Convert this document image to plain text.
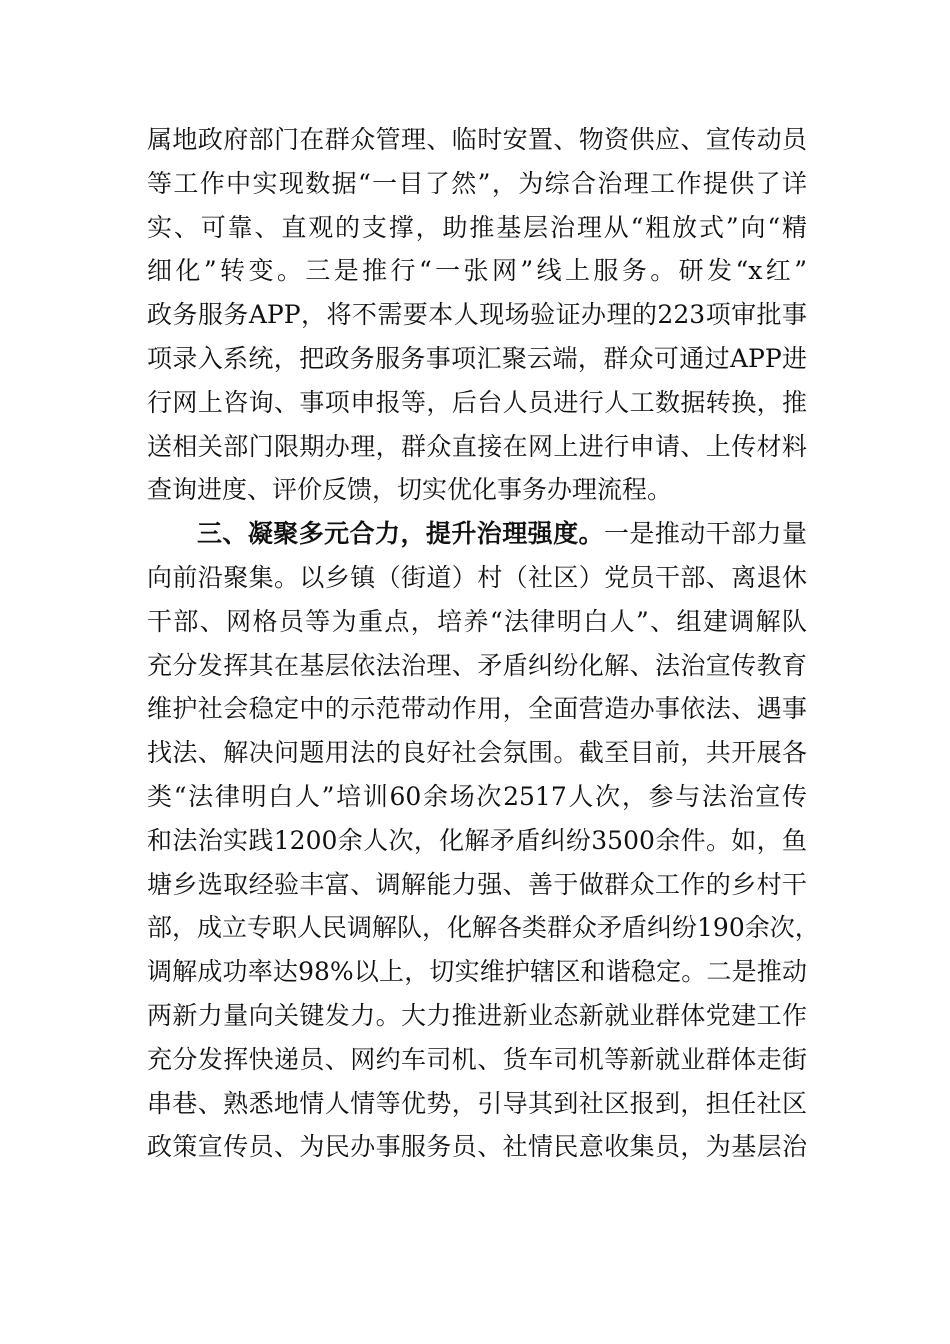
属地政府部门在群众管理、临时安置、物资供应、宣传动员
等工作中实现数据“一目了然”，为综合治理工作提供了详
实、可靠、直观的支撑，助推基层治理从“粗放式”向“精
细化”转变。三是推行“一张网”线上服务。研发“x红”
政务服务APP，将不需要本人现场验证办理的223项审批事
项录入系统，把政务服务事项汇聚云端，群众可通过APP进
行网上咨询、事项申报等，后台人员进行人工数据转换，推
送相关部门限期办理，群众直接在网上进行申请、上传材料
查询进度、评价反馈，切实优化事务办理流程。
三、凝聚多元合力，提升治理强度。一是推动干部力量
向前沿聚集。以乡镇（街道）村（社区）党员干部、离退休
干部、网格员等为重点，培养“法律明白人”、组建调解队
充分发挥其在基层依法治理、矛盾纠纷化解、法治宣传教育
维护社会稳定中的示范带动作用，全面营造办事依法、遇事
找法、解决问题用法的良好社会氛围。截至目前，共开展各
类“法律明白人”培训60余场次2517人次，参与法治宣传
和法治实践1200余人次，化解矛盾纠纷3500余件。如，鱼
塘乡选取经验丰富、调解能力强、善于做群众工作的乡村干
部，成立专职人民调解队，化解各类群众矛盾纠纷190余次，
调解成功率达98%以上，切实维护辖区和谐稳定。二是推动
两新力量向关键发力。大力推进新业态新就业群体党建工作
充分发挥快递员、网约车司机、货车司机等新就业群体走街
串巷、熟悉地情人情等优势，引导其到社区报到，担任社区
政策宣传员、为民办事服务员、社情民意收集员，为基层治
